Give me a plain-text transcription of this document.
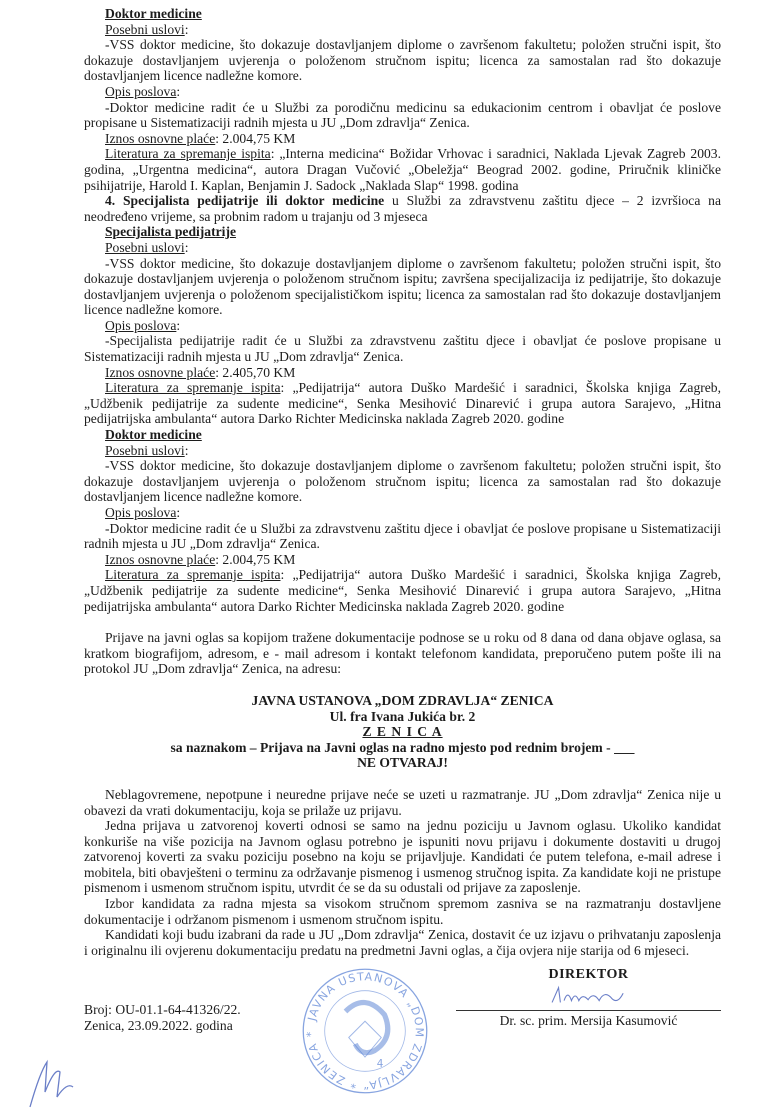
Doktor medicine

Posebni uslovi:

-VSS doktor medicine, što dokazuje dostavljanjem diplome o završenom fakultetu; položen stručni ispit, što dokazuje dostavljanjem uvjerenja o položenom stručnom ispitu; licenca za samostalan rad što dokazuje dostavljanjem licence nadležne komore.

Opis poslova:

-Doktor medicine radit će u Službi za porodičnu medicinu sa edukacionim centrom i obavljat će poslove propisane u Sistematizaciji radnih mjesta u JU „Dom zdravlja“ Zenica.

Iznos osnovne plaće: 2.004,75 KM

Literatura za spremanje ispita: „Interna medicina“ Božidar Vrhovac i saradnici, Naklada Ljevak Zagreb 2003. godina, „Urgentna medicina“, autora Dragan Vučović „Obeležja“ Beograd 2002. godine, Priručnik kliničke psihijatrije, Harold I. Kaplan, Benjamin J. Sadock „Naklada Slap“ 1998. godina

4. Specijalista pedijatrije ili doktor medicine u Službi za zdravstvenu zaštitu djece – 2 izvršioca na neodređeno vrijeme, sa probnim radom u trajanju od 3 mjeseca

Specijalista pedijatrije

Posebni uslovi:

-VSS doktor medicine, što dokazuje dostavljanjem diplome o završenom fakultetu; položen stručni ispit, što dokazuje dostavljanjem uvjerenja o položenom stručnom ispitu; završena specijalizacija iz pedijatrije, što dokazuje dostavljanjem uvjerenja o položenom specijalističkom ispitu; licenca za samostalan rad što dokazuje dostavljanjem licence nadležne komore.

Opis poslova:

-Specijalista pedijatrije radit će u Službi za zdravstvenu zaštitu djece i obavljat će poslove propisane u Sistematizaciji radnih mjesta u JU „Dom zdravlja“ Zenica.

Iznos osnovne plaće: 2.405,70 KM

Literatura za spremanje ispita: „Pedijatrija“ autora Duško Mardešić i saradnici, Školska knjiga Zagreb, „Udžbenik pedijatrije za sudente medicine“, Senka Mesihović Dinarević i grupa autora Sarajevo, „Hitna pedijatrijska ambulanta“ autora Darko Richter Medicinska naklada Zagreb 2020. godine

Doktor medicine

Posebni uslovi:

-VSS doktor medicine, što dokazuje dostavljanjem diplome o završenom fakultetu; položen stručni ispit, što dokazuje dostavljanjem uvjerenja o položenom stručnom ispitu; licenca za samostalan rad što dokazuje dostavljanjem licence nadležne komore.

Opis poslova:

-Doktor medicine radit će u Službi za zdravstvenu zaštitu djece i obavljat će poslove propisane u Sistematizaciji radnih mjesta u JU „Dom zdravlja“ Zenica.

Iznos osnovne plaće: 2.004,75 KM

Literatura za spremanje ispita: „Pedijatrija“ autora Duško Mardešić i saradnici, Školska knjiga Zagreb, „Udžbenik pedijatrije za sudente medicine“, Senka Mesihović Dinarević i grupa autora Sarajevo, „Hitna pedijatrijska ambulanta“ autora Darko Richter Medicinska naklada Zagreb 2020. godine

Prijave na javni oglas sa kopijom tražene dokumentacije podnose se u roku od 8 dana od dana objave oglasa, sa kratkom biografijom, adresom, e - mail adresom i kontakt telefonom kandidata, preporučeno putem pošte ili na protokol JU „Dom zdravlja“ Zenica, na adresu:

JAVNA USTANOVA „DOM ZDRAVLJA“ ZENICA

Ul. fra Ivana Jukića br. 2

Z E N I C A

sa naznakom – Prijava na Javni oglas na radno mjesto pod rednim brojem - ___

NE OTVARAJ!

Neblagovremene, nepotpune i neuredne prijave neće se uzeti u razmatranje. JU „Dom zdravlja“ Zenica nije u obavezi da vrati dokumentaciju, koja se prilaže uz prijavu.

Jedna prijava u zatvorenoj koverti odnosi se samo na jednu poziciju u Javnom oglasu. Ukoliko kandidat konkuriše na više pozicija na Javnom oglasu potrebno je ispuniti novu prijavu i dokumente dostaviti u drugoj zatvorenoj koverti za svaku poziciju posebno na koju se prijavljuje. Kandidati će putem telefona, e-mail adrese i mobitela, biti obavješteni o terminu za održavanje pismenog i usmenog stručnog ispita. Za kandidate koji ne pristupe pismenom i usmenom stručnom ispitu, utvrdit će se da su odustali od prijave za zaposlenje.

Izbor kandidata za radna mjesta sa visokom stručnom spremom zasniva se na razmatranju dostavljene dokumentacije i održanom pismenom i usmenom stručnom ispitu.

Kandidati koji budu izabrani da rade u JU „Dom zdravlja“ Zenica, dostavit će uz izjavu o prihvatanju zaposlenja i originalnu ili ovjerenu dokumentaciju predatu na predmetni Javni oglas, a čija ovjera nije starija od 6 mjeseci.

Broj: OU-01.1-64-41326/22.
Zenica, 23.09.2022. godina	JAVNA USTANOVA „DOM ZDRAVLJA“ * ZENICA *
4
DIREKTOR
Dr. sc. prim. Mersija Kasumović
